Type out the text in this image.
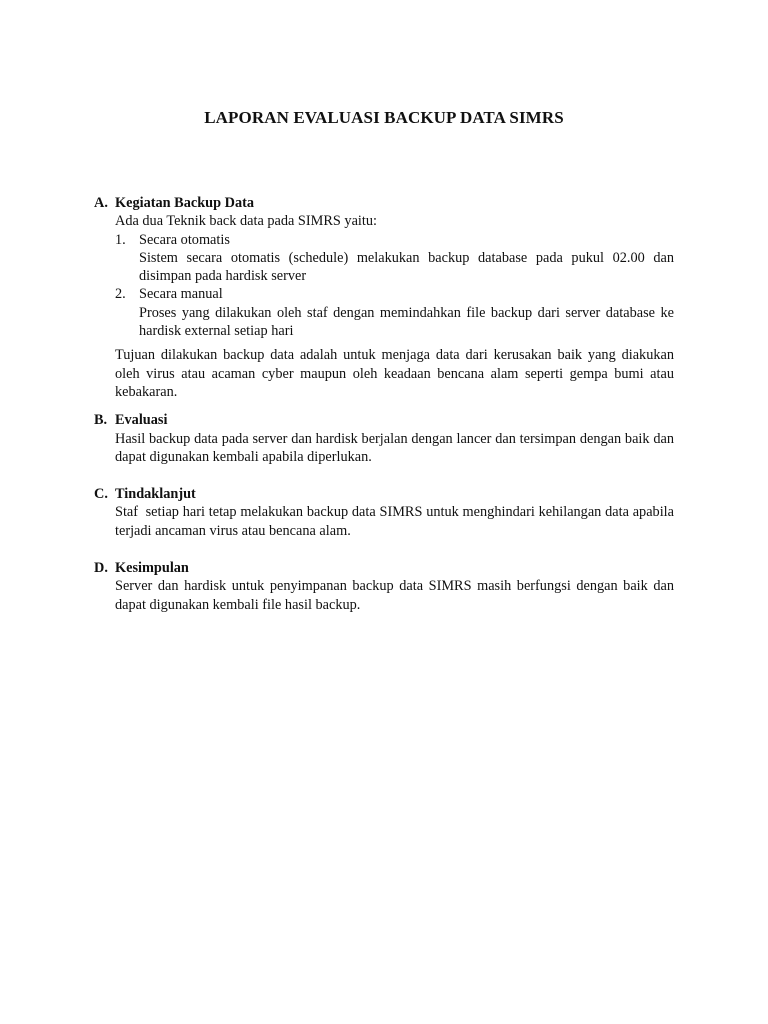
LAPORAN EVALUASI BACKUP DATA SIMRS
A. Kegiatan Backup Data
Ada dua Teknik back data pada SIMRS yaitu:
1. Secara otomatis
Sistem secara otomatis (schedule) melakukan backup database pada pukul 02.00 dan disimpan pada hardisk server
2. Secara manual
Proses yang dilakukan oleh staf dengan memindahkan file backup dari server database ke hardisk external setiap hari
Tujuan dilakukan backup data adalah untuk menjaga data dari kerusakan baik yang diakukan oleh virus atau acaman cyber maupun oleh keadaan bencana alam seperti gempa bumi atau kebakaran.
B. Evaluasi
Hasil backup data pada server dan hardisk berjalan dengan lancer dan tersimpan dengan baik dan dapat digunakan kembali apabila diperlukan.
C. Tindaklanjut
Staf  setiap hari tetap melakukan backup data SIMRS untuk menghindari kehilangan data apabila terjadi ancaman virus atau bencana alam.
D. Kesimpulan
Server dan hardisk untuk penyimpanan backup data SIMRS masih berfungsi dengan baik dan dapat digunakan kembali file hasil backup.
